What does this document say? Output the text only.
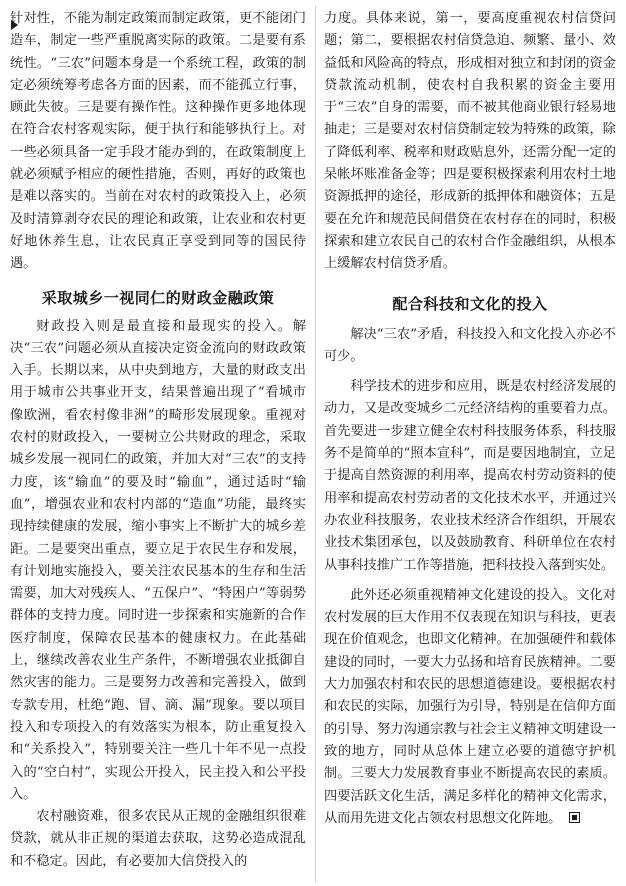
针对性，不能为制定政策而制定政策，更不能闭门造车，制定一些严重脱离实际的政策。二是要有系统性。“三农”问题本身是一个系统工程，政策的制定必须统筹考虑各方面的因素，而不能孤立行事，顾此失彼。三是要有操作性。这种操作更多地体现在符合农村客观实际，便于执行和能够执行上。对一些必须具备一定手段才能办到的，在政策制度上就必须赋予相应的硬性措施，否则，再好的政策也是难以落实的。当前在对农村的政策投入上，必须及时清算剥夺农民的理论和政策，让农业和农村更好地休养生息，让农民真正享受到同等的国民待遇。

采取城乡一视同仁的财政金融政策

财政投入则是最直接和最现实的投入。解决“三农”问题必须从直接决定资金流向的财政政策入手。长期以来，从中央到地方，大量的财政支出用于城市公共事业开支，结果普遍出现了“看城市像欧洲，看农村像非洲”的畸形发展现象。重视对农村的财政投入，一要树立公共财政的理念，采取城乡发展一视同仁的政策，并加大对“三农”的支持力度，该“输血”的要及时“输血”，通过适时“输血”，增强农业和农村内部的“造血”功能，最终实现持续健康的发展，缩小事实上不断扩大的城乡差距。二是要突出重点，要立足于农民生存和发展，有计划地实施投入，要关注农民基本的生存和生活需要，加大对残疾人、“五保户”、“特困户”等弱势群体的支持力度。同时进一步探索和实施新的合作医疗制度，保障农民基本的健康权力。在此基础上，继续改善农业生产条件，不断增强农业抵御自然灾害的能力。三是要努力改善和完善投入，做到专款专用，杜绝“跑、冒、滴、漏”现象。要以项目投入和专项投入的有效落实为根本，防止重复投入和“关系投入”，特别要关注一些几十年不见一点投入的“空白村”，实现公开投入，民主投入和公平投入。

农村融资难，很多农民从正规的金融组织很难贷款，就从非正规的渠道去获取，这势必造成混乱和不稳定。因此，有必要加大信贷投入的

力度。具体来说，第一，要高度重视农村信贷问题；第二，要根据农村信贷急迫、频繁、量小、效益低和风险高的特点，形成相对独立和封闭的资金贷款流动机制，使农村自我积累的资金主要用于“三农”自身的需要，而不被其他商业银行轻易地抽走；三是要对农村信贷制定较为特殊的政策，除了降低利率、税率和财政贴息外，还需分配一定的呆帐坏账准备金等；四是要积极探索利用农村土地资源抵押的途径，形成新的抵押体和融资体；五是要在允许和规范民间借贷在农村存在的同时，积极探索和建立农民自己的农村合作金融组织，从根本上缓解农村信贷矛盾。

配合科技和文化的投入

解决“三农”矛盾，科技投入和文化投入亦必不可少。

科学技术的进步和应用，既是农村经济发展的动力，又是改变城乡二元经济结构的重要着力点。首先要进一步建立健全农村科技服务体系，科技服务不是简单的“照本宣科”，而是要因地制宜，立足于提高自然资源的利用率，提高农村劳动资料的使用率和提高农村劳动者的文化技术水平，并通过兴办农业科技服务，农业技术经济合作组织，开展农业技术集团承包，以及鼓励教育、科研单位在农村从事科技推广工作等措施，把科技投入落到实处。

此外还必须重视精神文化建设的投入。文化对农村发展的巨大作用不仅表现在知识与科技，更表现在价值观念，也即文化精神。在加强硬件和载体建设的同时，一要大力弘扬和培育民族精神。二要大力加强农村和农民的思想道德建设。要根据农村和农民的实际，加强行为引导，特别是在信仰方面的引导、努力沟通宗教与社会主义精神文明建设一致的地方，同时从总体上建立必要的道德守护机制。三要大力发展教育事业不断提高农民的素质。四要活跃文化生活，满足多样化的精神文化需求，从而用先进文化占领农村思想文化阵地。
